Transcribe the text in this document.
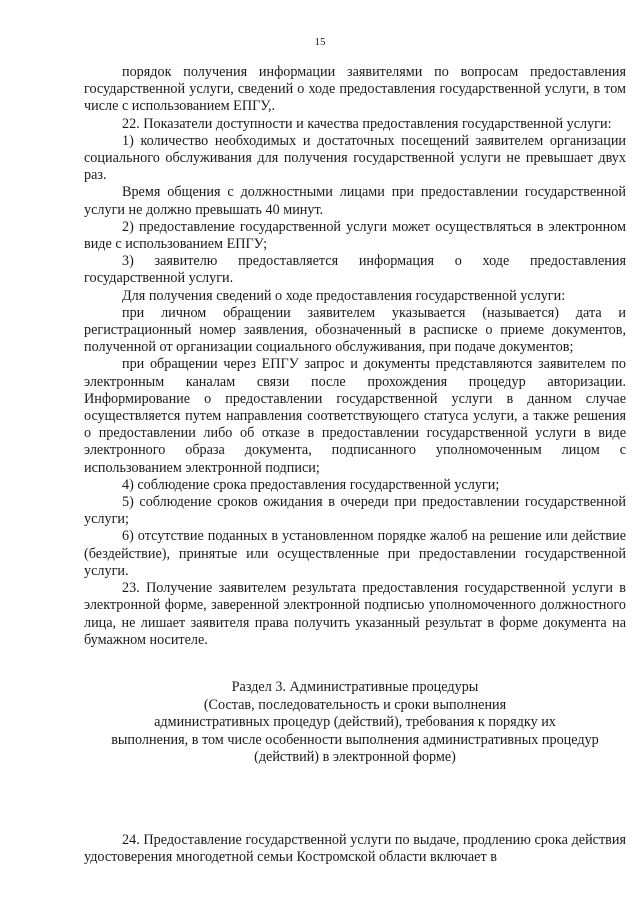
15

порядок получения информации заявителями по вопросам предоставления государственной услуги, сведений о ходе предоставления государственной услуги, в том числе с использованием ЕПГУ,.

22. Показатели доступности и качества предоставления государственной услуги:

1) количество необходимых и достаточных посещений заявителем организации социального обслуживания для получения государственной услуги не превышает двух раз.

Время общения с должностными лицами при предоставлении государственной услуги не должно превышать 40 минут.

2) предоставление государственной услуги может осуществляться в электронном виде с использованием ЕПГУ;

3) заявителю предоставляется информация о ходе предоставления государственной услуги.

Для получения сведений о ходе предоставления государственной услуги:

при личном обращении заявителем указывается (называется) дата и регистрационный номер заявления, обозначенный в расписке о приеме документов, полученной от организации социального обслуживания, при подаче документов;

при обращении через ЕПГУ запрос и документы представляются заявителем по электронным каналам связи после прохождения процедур авторизации. Информирование о предоставлении государственной услуги в данном случае осуществляется путем направления соответствующего статуса услуги, а также решения о предоставлении либо об отказе в предоставлении государственной услуги в виде электронного образа документа, подписанного уполномоченным лицом с использованием электронной подписи;

4) соблюдение срока предоставления государственной услуги;

5) соблюдение сроков ожидания в очереди при предоставлении государственной услуги;

6) отсутствие поданных в установленном порядке жалоб на решение или действие (бездействие), принятые или осуществленные при предоставлении государственной услуги.

23. Получение заявителем результата предоставления государственной услуги в электронной форме, заверенной электронной подписью уполномоченного должностного лица, не лишает заявителя права получить указанный результат в форме документа на бумажном носителе.

Раздел 3. Административные процедуры
(Состав, последовательность и сроки выполнения
административных процедур (действий), требования к порядку их
выполнения, в том числе особенности выполнения административных процедур
(действий) в электронной форме)

24. Предоставление государственной услуги по выдаче, продлению срока действия удостоверения многодетной семьи Костромской области включает в
